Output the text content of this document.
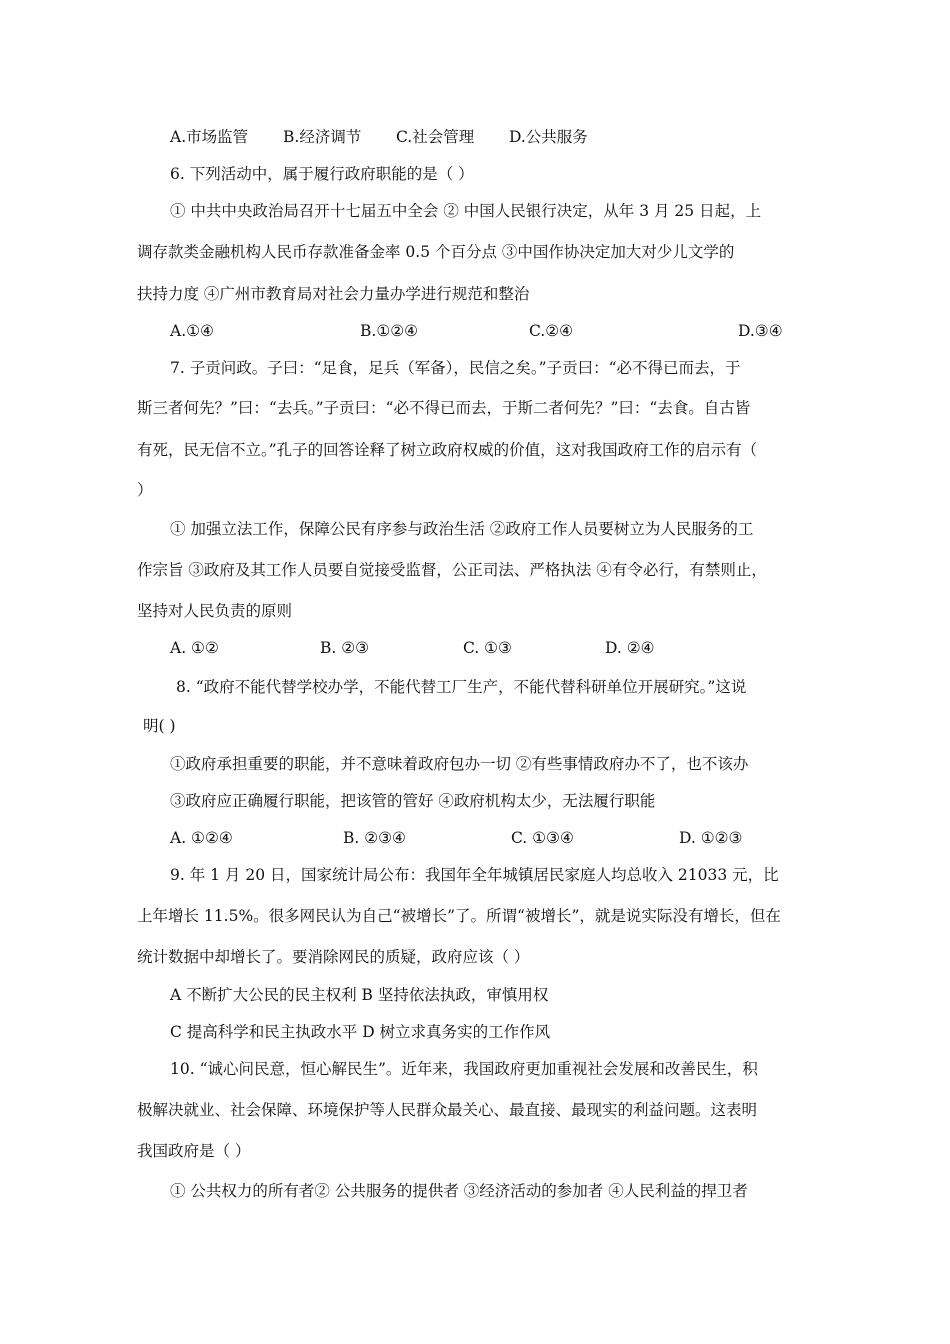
A.市场监管 B.经济调节 C.社会管理 D.公共服务
6. 下列活动中，属于履行政府职能的是（ ）
① 中共中央政治局召开十七届五中全会 ② 中国人民银行决定，从年 3 月 25 日起，上
调存款类金融机构人民币存款准备金率 0.5 个百分点 ③中国作协决定加大对少儿文学的
扶持力度 ④广州市教育局对社会力量办学进行规范和整治
A.①④	B.①②④	C.②④	D.③④
7. 子贡问政。子曰：“足食，足兵（军备），民信之矣。”子贡曰：“必不得已而去，于
斯三者何先？”曰：“去兵。”子贡曰：“必不得已而去，于斯二者何先？”曰：“去食。自古皆
有死，民无信不立。”孔子的回答诠释了树立政府权威的价值，这对我国政府工作的启示有（
）
① 加强立法工作，保障公民有序参与政治生活 ②政府工作人员要树立为人民服务的工
作宗旨 ③政府及其工作人员要自觉接受监督，公正司法、严格执法 ④有令必行，有禁则止，
坚持对人民负责的原则
A. ①②	B. ②③	C. ①③	D. ②④
8. “政府不能代替学校办学，不能代替工厂生产，不能代替科研单位开展研究。”这说
明( )
①政府承担重要的职能，并不意味着政府包办一切 ②有些事情政府办不了，也不该办
③政府应正确履行职能，把该管的管好 ④政府机构太少，无法履行职能
A. ①②④	B. ②③④	C. ①③④	D. ①②③
9. 年 1 月 20 日，国家统计局公布：我国年全年城镇居民家庭人均总收入 21033 元，比
上年增长 11.5%。很多网民认为自己“被增长”了。所谓“被增长”，就是说实际没有增长，但在
统计数据中却增长了。要消除网民的质疑，政府应该（ ）
A 不断扩大公民的民主权利 B 坚持依法执政，审慎用权
C 提高科学和民主执政水平 D 树立求真务实的工作作风
10. “诚心问民意，恒心解民生”。近年来，我国政府更加重视社会发展和改善民生，积
极解决就业、社会保障、环境保护等人民群众最关心、最直接、最现实的利益问题。这表明
我国政府是（ ）
① 公共权力的所有者② 公共服务的提供者 ③经济活动的参加者 ④人民利益的捍卫者
